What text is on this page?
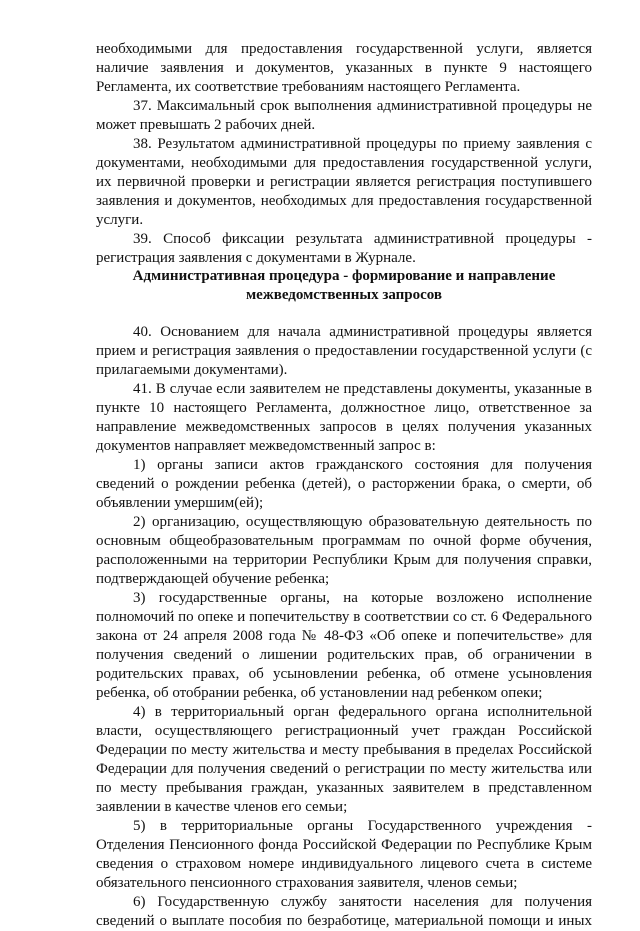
необходимыми для предоставления государственной услуги, является
наличие заявления и документов, указанных в пункте 9 настоящего
Регламента, их соответствие требованиям настоящего Регламента.
37. Максимальный срок выполнения административной процедуры не
может превышать 2 рабочих дней.
38. Результатом административной процедуры по приему заявления с
документами, необходимыми для предоставления государственной услуги,
их первичной проверки и регистрации является регистрация поступившего
заявления и документов, необходимых для предоставления государственной
услуги.
39. Способ фиксации результата административной процедуры -
регистрация заявления с документами в Журнале.
Административная процедура - формирование и направление
межведомственных запросов
40. Основанием для начала административной процедуры является
прием и регистрация заявления о предоставлении государственной услуги (с
прилагаемыми документами).
41. В случае если заявителем не представлены документы, указанные в
пункте 10 настоящего Регламента, должностное лицо, ответственное за
направление межведомственных запросов в целях получения указанных
документов направляет межведомственный запрос в:
1) органы записи актов гражданского состояния для получения
сведений о рождении ребенка (детей), о расторжении брака, о смерти, об
объявлении умершим(ей);
2) организацию, осуществляющую образовательную деятельность по
основным общеобразовательным программам по очной форме обучения,
расположенными на территории Республики Крым для получения справки,
подтверждающей обучение ребенка;
3) государственные органы, на которые возложено исполнение
полномочий по опеке и попечительству в соответствии со ст. 6 Федерального
закона от 24 апреля 2008 года № 48-ФЗ «Об опеке и попечительстве» для
получения сведений о лишении родительских прав, об ограничении в
родительских правах, об усыновлении ребенка, об отмене усыновления
ребенка, об отобрании ребенка, об установлении над ребенком опеки;
4) в территориальный орган федерального органа исполнительной
власти, осуществляющего регистрационный учет граждан Российской
Федерации по месту жительства и месту пребывания в пределах Российской
Федерации для получения сведений о регистрации по месту жительства или
по месту пребывания граждан, указанных заявителем в представленном
заявлении в качестве членов его семьи;
5) в территориальные органы Государственного учреждения -
Отделения Пенсионного фонда Российской Федерации по Республике Крым
сведения о страховом номере индивидуального лицевого счета в системе
обязательного пенсионного страхования заявителя, членов семьи;
6) Государственную службу занятости населения для получения
сведений о выплате пособия по безработице, материальной помощи и иных
